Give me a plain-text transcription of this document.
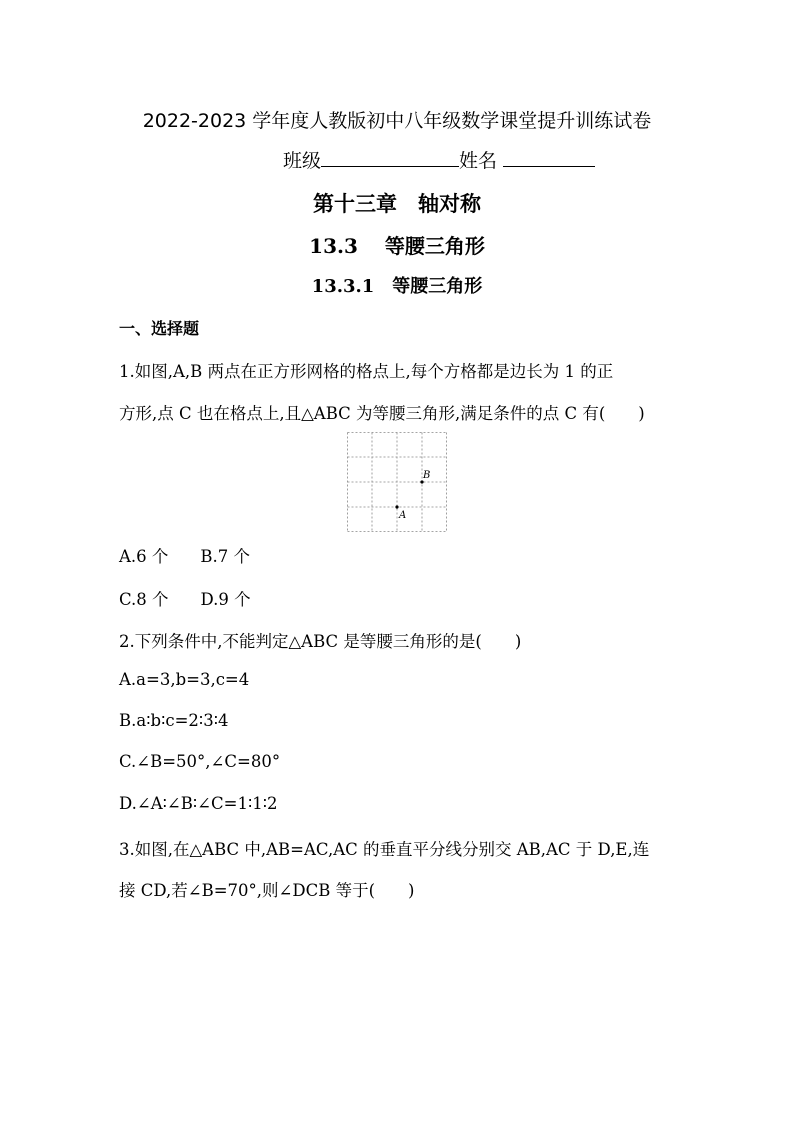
2022-2023 学年度人教版初中八年级数学课堂提升训练试卷
班级	姓名
第十三章　轴对称
13.3　 等腰三角形
13.3.1　等腰三角形
一、选择题
1.如图,A,B 两点在正方形网格的格点上,每个方格都是边长为 1 的正
方形,点 C 也在格点上,且△ABC 为等腰三角形,满足条件的点 C 有(　　)
B
A
A.6 个 B.7 个
C.8 个 D.9 个
2.下列条件中,不能判定△ABC 是等腰三角形的是(　　)
A.a=3,b=3,c=4
B.a∶b∶c=2∶3∶4
C.∠B=50°,∠C=80°
D.∠A∶∠B∶∠C=1∶1∶2
3.如图,在△ABC 中,AB=AC,AC 的垂直平分线分别交 AB,AC 于 D,E,连
接 CD,若∠B=70°,则∠DCB 等于(　　)
